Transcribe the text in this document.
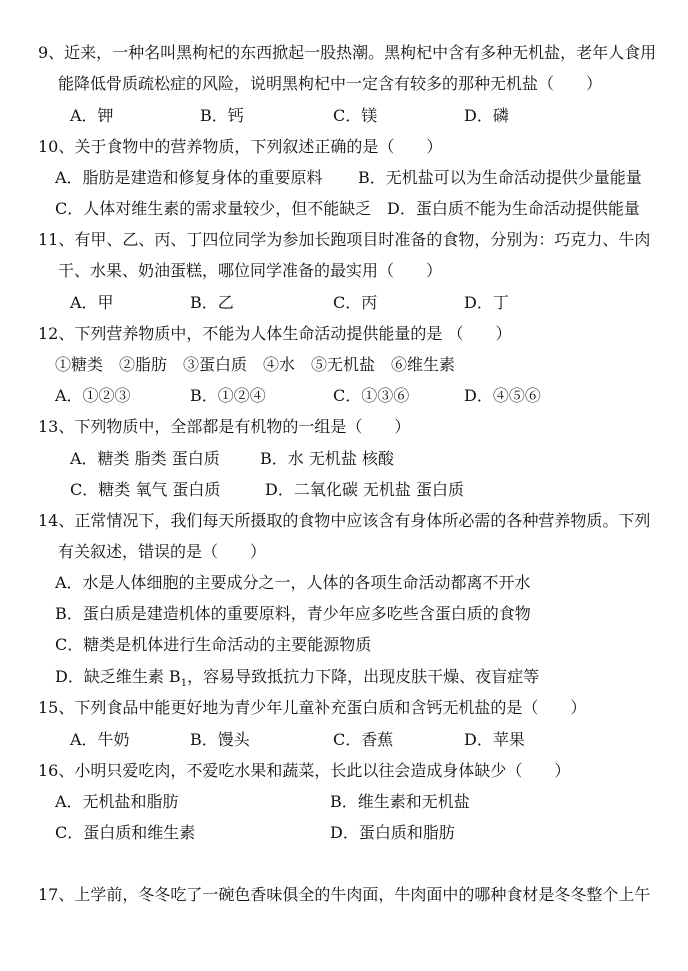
9、近来，一种名叫黑枸杞的东西掀起一股热潮。黑枸杞中含有多种无机盐，老年人食用
能降低骨质疏松症的风险，说明黑枸杞中一定含有较多的那种无机盐（　　）
A．钾	B．钙	C．镁	D．磷
10、关于食物中的营养物质，下列叙述正确的是（　　）
A．脂肪是建造和修复身体的重要原料 B．无机盐可以为生命活动提供少量能量
C．人体对维生素的需求量较少，但不能缺乏 D．蛋白质不能为生命活动提供能量
11、有甲、乙、丙、丁四位同学为参加长跑项目时准备的食物，分别为：巧克力、牛肉
干、水果、奶油蛋糕，哪位同学准备的最实用（　　）
A．甲	B．乙	C．丙	D．丁
12、下列营养物质中，不能为人体生命活动提供能量的是 （　　）
①糖类　②脂肪　③蛋白质　④水　⑤无机盐　⑥维生素
A．①②③	B．①②④	C．①③⑥	D．④⑤⑥
13、下列物质中，全部都是有机物的一组是（　　）
A．糖类 脂类 蛋白质	B．水 无机盐 核酸
C．糖类 氧气 蛋白质	D．二氧化碳 无机盐 蛋白质
14、正常情况下，我们每天所摄取的食物中应该含有身体所必需的各种营养物质。下列
有关叙述，错误的是（　　）
A．水是人体细胞的主要成分之一，人体的各项生命活动都离不开水
B．蛋白质是建造机体的重要原料，青少年应多吃些含蛋白质的食物
C．糖类是机体进行生命活动的主要能源物质
D．缺乏维生素 $B_1$，容易导致抵抗力下降，出现皮肤干燥、夜盲症等
15、下列食品中能更好地为青少年儿童补充蛋白质和含钙无机盐的是（　　）
A．牛奶	B．馒头	C．香蕉	D．苹果
16、小明只爱吃肉，不爱吃水果和蔬菜，长此以往会造成身体缺少（　　）
A．无机盐和脂肪	B．维生素和无机盐
C．蛋白质和维生素	D．蛋白质和脂肪
17、上学前，冬冬吃了一碗色香味俱全的牛肉面，牛肉面中的哪种食材是冬冬整个上午
